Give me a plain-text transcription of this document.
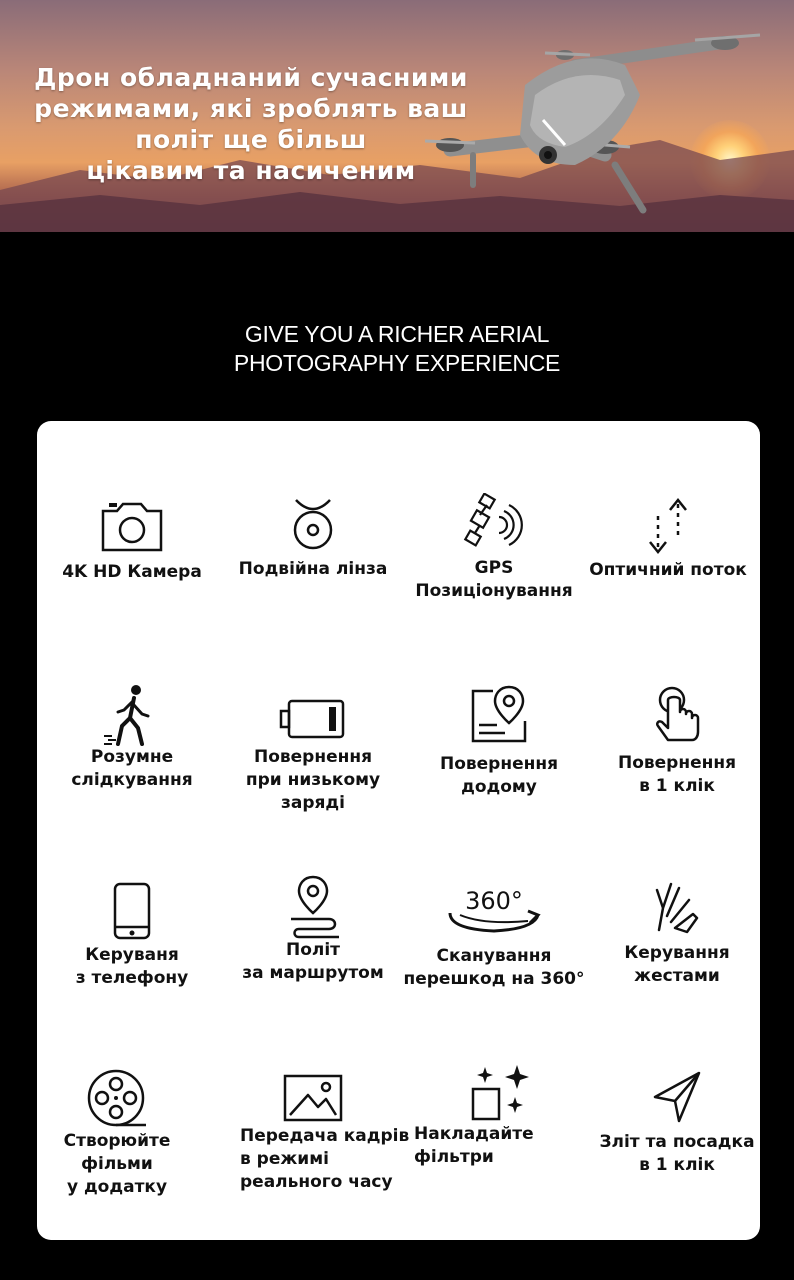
Дрон обладнаний сучасними
режимами, які зроблять ваш
політ ще більш
цікавим та насиченим
GIVE YOU A RICHER AERIAL
PHOTOGRAPHY EXPERIENCE
4K HD Камера	Подвійна лінза	GPS
Позиціонування
Оптичний поток
Розумне
слідкування
Повернення
при низькому
заряді
Повернення
додому
Повернення
в 1 клік
Керуваня
з телефону
Політ
за маршрутом
360°
Сканування
перешкод на 360°
Керування
жестами
Створюйте
фільми
у додатку
Передача кадрів
в режимі
реального часу
Накладайте
фільтри
Зліт та посадка
в 1 клік
